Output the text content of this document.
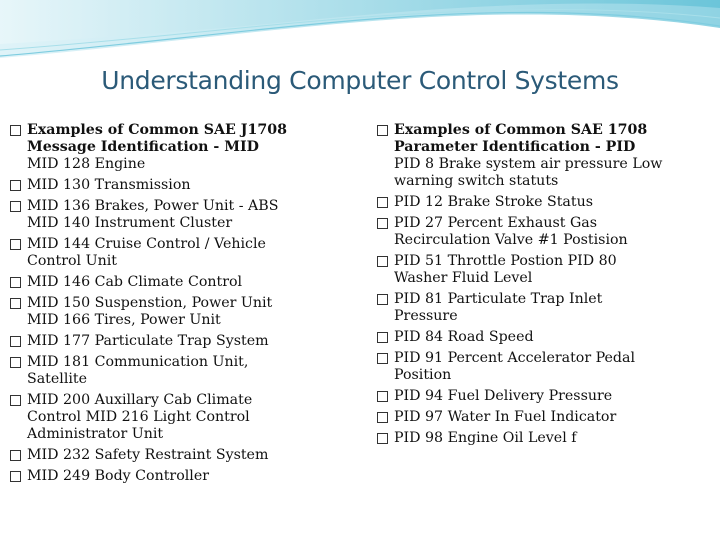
Understanding Computer Control Systems
Examples of Common SAE J1708
Message Identification - MID
MID 128 Engine
MID 130 Transmission
MID 136 Brakes, Power Unit - ABS
MID 140 Instrument Cluster
MID 144 Cruise Control / Vehicle
Control Unit
MID 146 Cab Climate Control
MID 150 Suspenstion, Power Unit
MID 166 Tires, Power Unit
MID 177 Particulate Trap System
MID 181 Communication Unit,
Satellite
MID 200 Auxillary Cab Climate
Control MID 216 Light Control
Administrator Unit
MID 232 Safety Restraint System
MID 249 Body Controller
Examples of Common SAE 1708
Parameter Identification - PID
PID 8 Brake system air pressure Low warning switch statuts
PID 12 Brake Stroke Status
PID 27 Percent Exhaust Gas
Recirculation Valve #1 Postision
PID 51 Throttle Postion PID 80
Washer Fluid Level
PID 81 Particulate Trap Inlet
Pressure
PID 84 Road Speed
PID 91 Percent Accelerator Pedal
Position
PID 94 Fuel Delivery Pressure
PID 97 Water In Fuel Indicator
PID 98 Engine Oil Level f
